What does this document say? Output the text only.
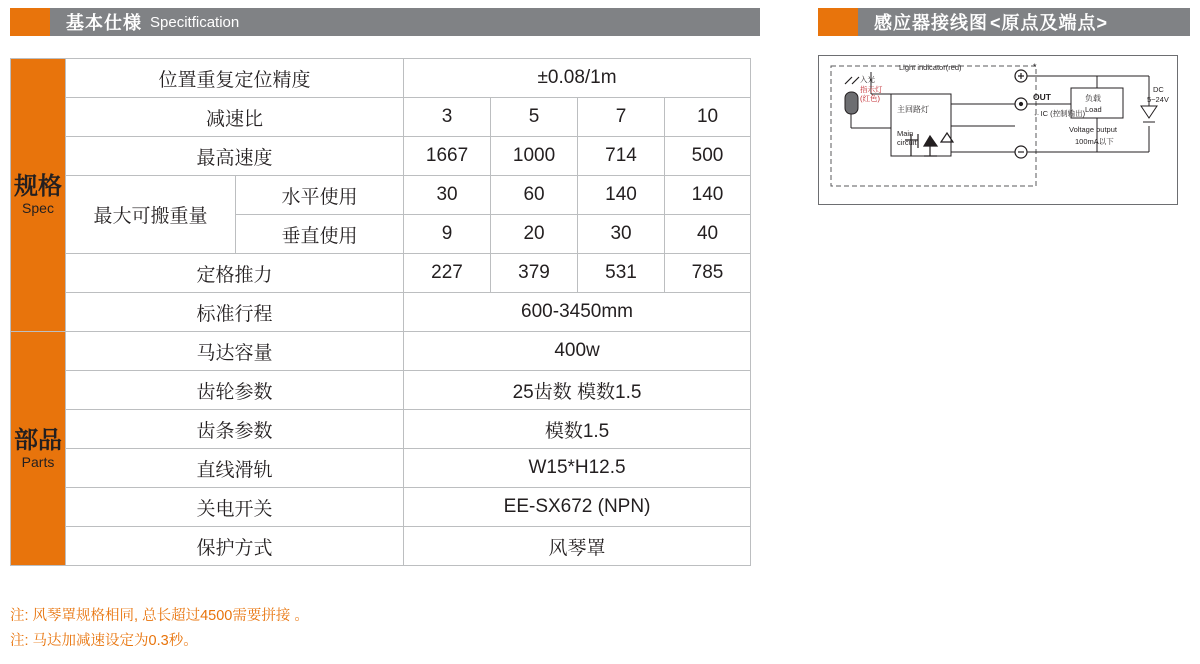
基本仕様 Specitfication	感应器接线图 <原点及端点>
规格
Spec	位置重复定位精度		±0.08/1m			
	减速比		3	5	7	10
	最高速度		1667	1000	714	500
	最大可搬重量	水平使用	30	60	140	140
		垂直使用	9	20	30	40
	定格推力		227	379	531	785
	标准行程		600-3450mm			

部品
Parts	马达容量		400w			
	齿轮参数		25齿数 模数1.5			
	齿条参数		模数1.5			
	直线滑轨		W15*H12.5			
	关电开关		EE-SX672 (NPN)			
	保护方式		风琴罩			
注: 风琴罩规格相同, 总长超过4500需要拼接 。
注: 马达加减速设定为0.3秒。
Light indicator(red)
入光
指示灯
(红色)
主回路灯
Main
circuit
OUT
←IC (控制输出)
负载
Load
DC
5~24V
Voltage output
100mA以下
*
